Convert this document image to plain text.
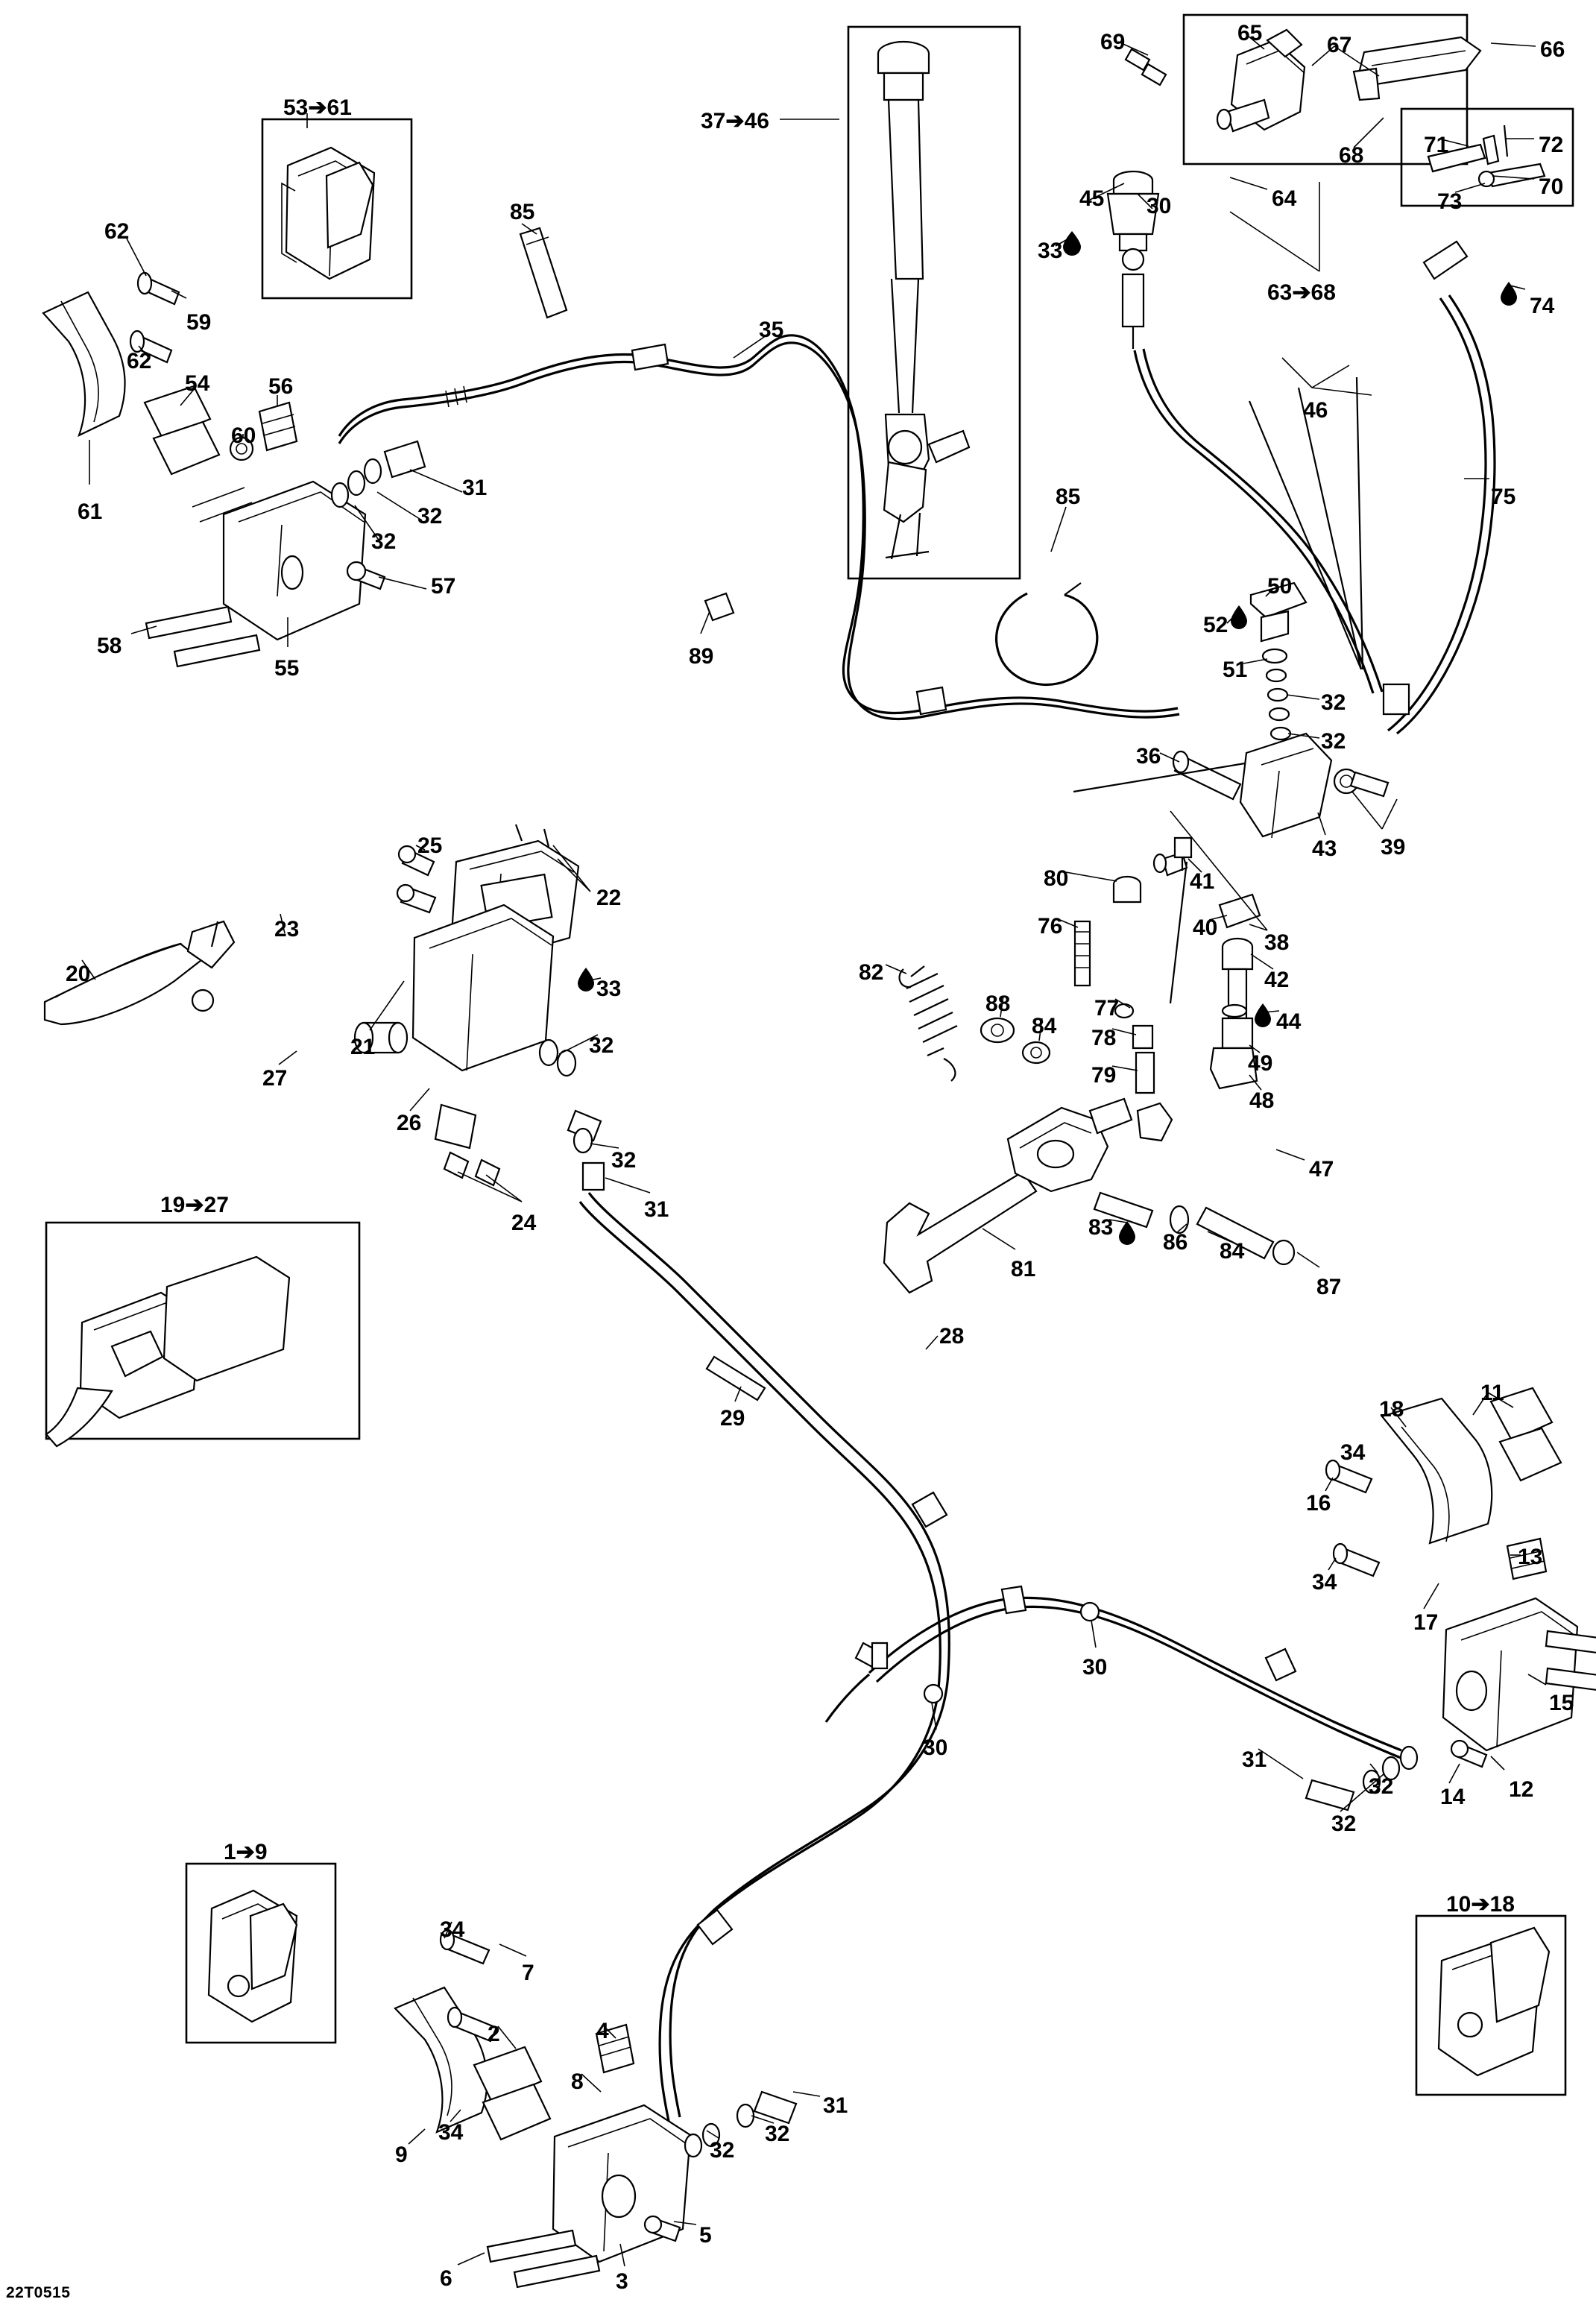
53➔61
37➔46
63➔68
19➔27
1➔9
10➔18
62
62
59
61
54	56
60
31
32
32
57
55
58
85
35
89
45 30
33
46
74
75
85
50
52
51
32
32
36
43 39
80	41
76	40
38
82
77
42
88
84 78
44
79	49
48
47
83
86 84
81
87
25
22
23
20
33
21	32
27
26
32
24
31
28
29
30
30
11
18
34
16
34
13
17
15
12
14
31
32
32
34
7
2	4
8
31
32
32
34
9
5
6	3
69	65	67	66
68
64
71	72
73
70
22T0515
